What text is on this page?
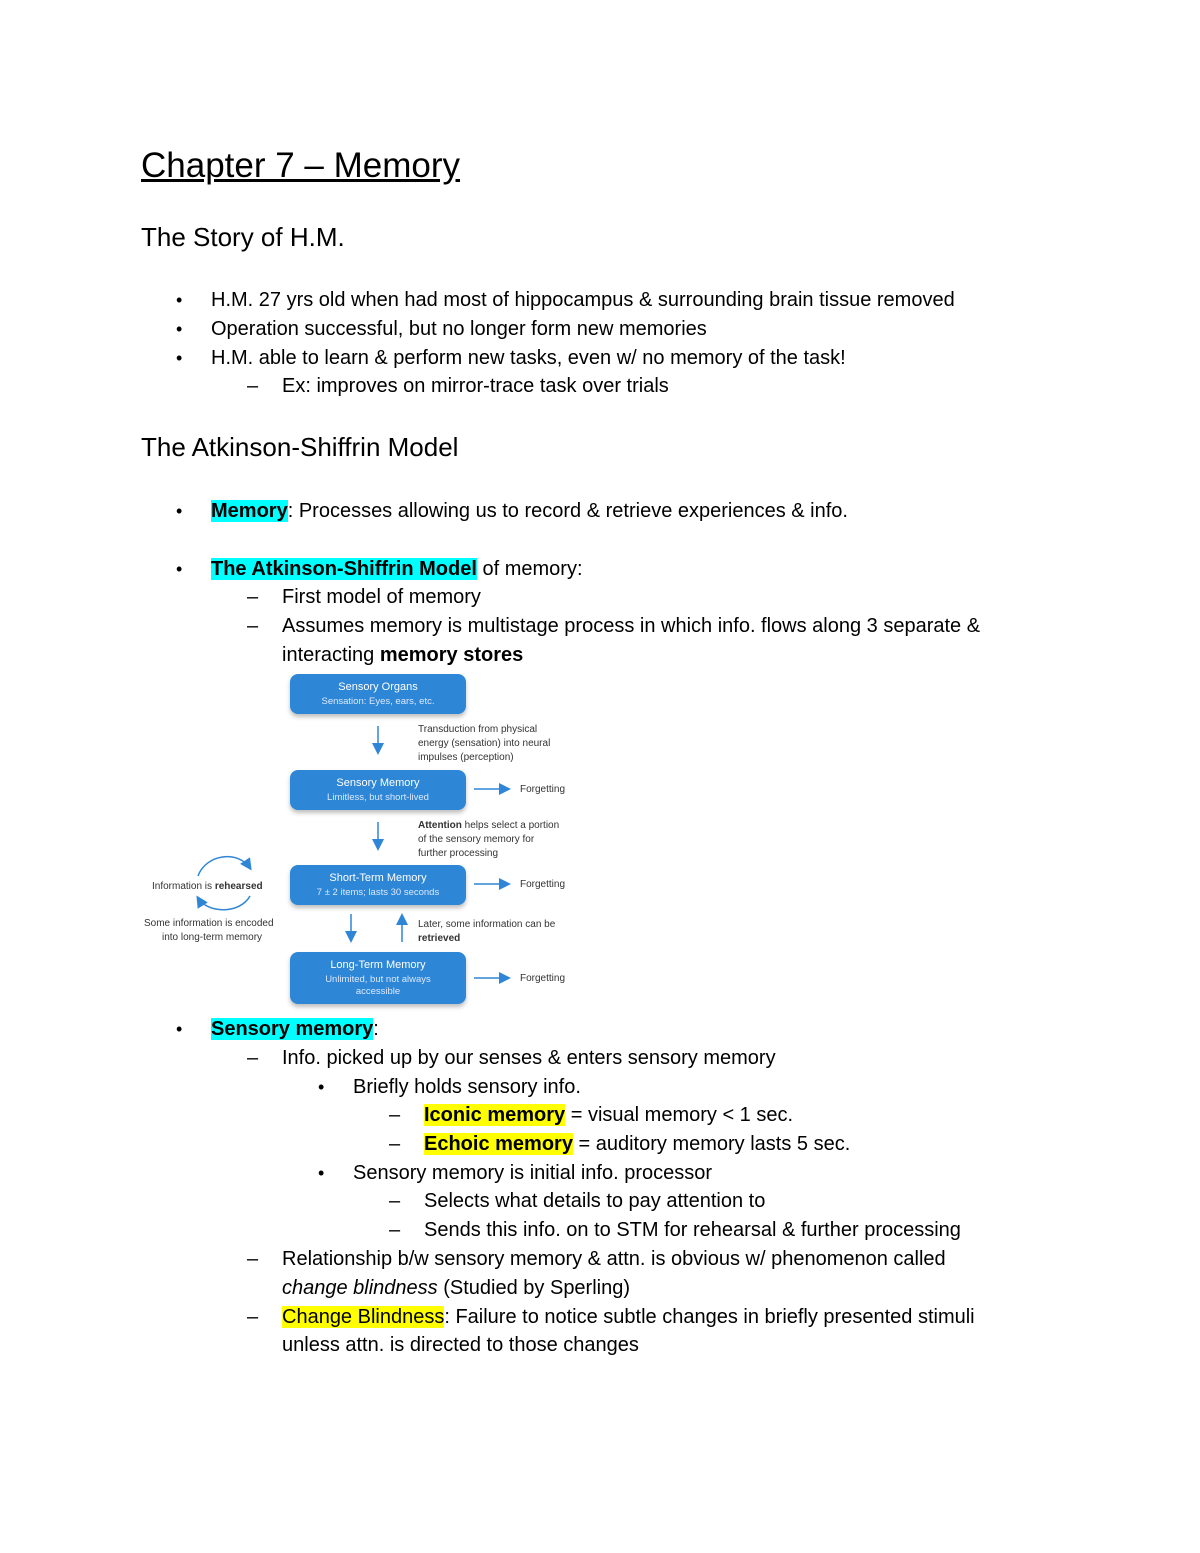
Chapter 7 – Memory
The Story of H.M.
• H.M. 27 yrs old when had most of hippocampus & surrounding brain tissue removed
• Operation successful, but no longer form new memories
• H.M. able to learn & perform new tasks, even w/ no memory of the task!
– Ex: improves on mirror-trace task over trials
The Atkinson-Shiffrin Model
• Memory: Processes allowing us to record & retrieve experiences & info.
• The Atkinson-Shiffrin Model of memory:
– First model of memory
– Assumes memory is multistage process in which info. flows along 3 separate &
interacting memory stores
Sensory Organs
Sensation: Eyes, ears, etc.
Transduction from physical
energy (sensation) into neural
impulses (perception)
Sensory Memory
Limitless, but short-lived
Forgetting
Attention helps select a portion
of the sensory memory for
further processing
Short-Term Memory
7 ± 2 items; lasts 30 seconds
Forgetting
Information is rehearsed
Some information is encoded
into long-term memory
Later, some information can be
retrieved
Long-Term Memory
Unlimited, but not always
accessible
Forgetting
• Sensory memory:
– Info. picked up by our senses & enters sensory memory
• Briefly holds sensory info.
– Iconic memory = visual memory < 1 sec.
– Echoic memory = auditory memory lasts 5 sec.
• Sensory memory is initial info. processor
– Selects what details to pay attention to
– Sends this info. on to STM for rehearsal & further processing
– Relationship b/w sensory memory & attn. is obvious w/ phenomenon called
change blindness (Studied by Sperling)
– Change Blindness: Failure to notice subtle changes in briefly presented stimuli
unless attn. is directed to those changes
